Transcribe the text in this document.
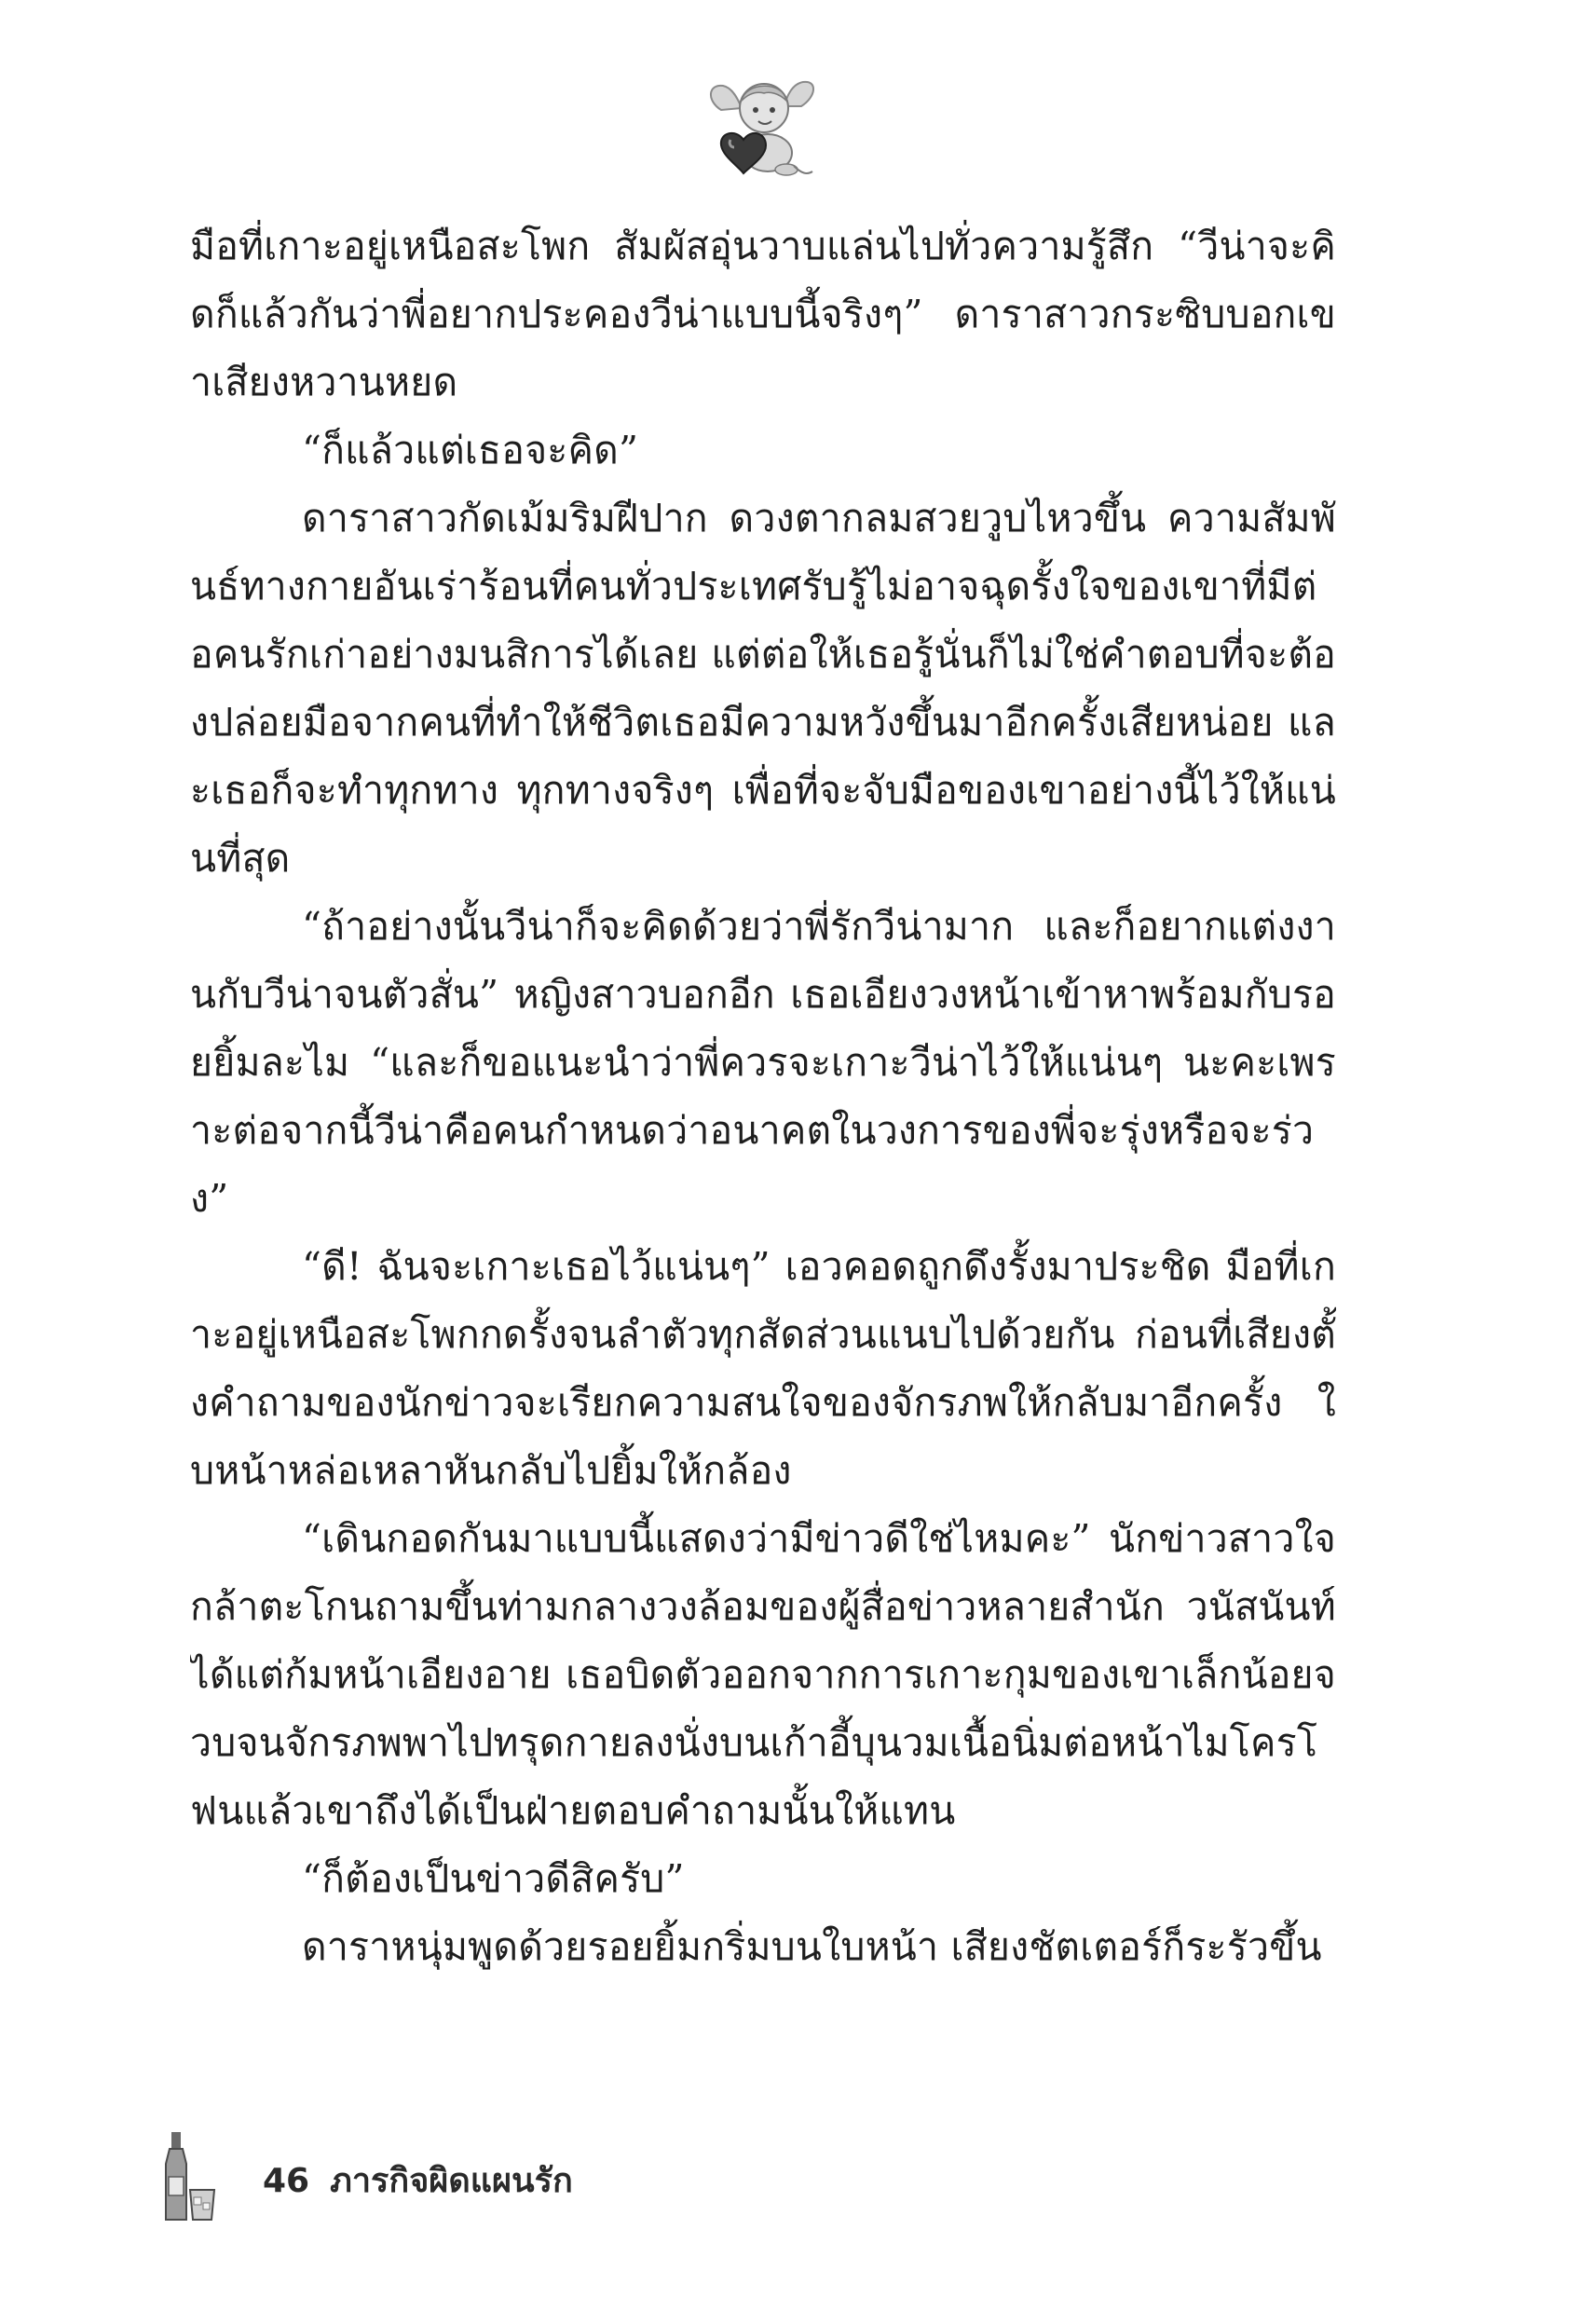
มือที่เกาะอยู่เหนือสะโพก สัมผัสอุ่นวาบแล่นไปทั่วความรู้สึก “วีน่าจะคิดก็แล้วกันว่าพี่อยากประคองวีน่าแบบนี้จริงๆ” ดาราสาวกระซิบบอกเขาเสียงหวานหยด

“ก็แล้วแต่เธอจะคิด”

ดาราสาวกัดเม้มริมฝีปาก ดวงตากลมสวยวูบไหวขึ้น ความสัมพันธ์ทางกายอันเร่าร้อนที่คนทั่วประเทศรับรู้ไม่อาจฉุดรั้งใจของเขาที่มีต่อคนรักเก่าอย่างมนสิการได้เลย แต่ต่อให้เธอรู้นั่นก็ไม่ใช่คำตอบที่จะต้องปล่อยมือจากคนที่ทำให้ชีวิตเธอมีความหวังขึ้นมาอีกครั้งเสียหน่อย และเธอก็จะทำทุกทาง ทุกทางจริงๆ เพื่อที่จะจับมือของเขาอย่างนี้ไว้ให้แน่นที่สุด

“ถ้าอย่างนั้นวีน่าก็จะคิดด้วยว่าพี่รักวีน่ามาก และก็อยากแต่งงานกับวีน่าจนตัวสั่น” หญิงสาวบอกอีก เธอเอียงวงหน้าเข้าหาพร้อมกับรอยยิ้มละไม “และก็ขอแนะนำว่าพี่ควรจะเกาะวีน่าไว้ให้แน่นๆ นะคะเพราะต่อจากนี้วีน่าคือคนกำหนดว่าอนาคตในวงการของพี่จะรุ่งหรือจะร่วง”

“ดี! ฉันจะเกาะเธอไว้แน่นๆ” เอวคอดถูกดึงรั้งมาประชิด มือที่เกาะอยู่เหนือสะโพกกดรั้งจนลำตัวทุกสัดส่วนแนบไปด้วยกัน ก่อนที่เสียงตั้งคำถามของนักข่าวจะเรียกความสนใจของจักรภพให้กลับมาอีกครั้ง ใบหน้าหล่อเหลาหันกลับไปยิ้มให้กล้อง

“เดินกอดกันมาแบบนี้แสดงว่ามีข่าวดีใช่ไหมคะ” นักข่าวสาวใจกล้าตะโกนถามขึ้นท่ามกลางวงล้อมของผู้สื่อข่าวหลายสำนัก วนัสนันท์ได้แต่ก้มหน้าเอียงอาย เธอบิดตัวออกจากการเกาะกุมของเขาเล็กน้อยจวบจนจักรภพพาไปทรุดกายลงนั่งบนเก้าอี้บุนวมเนื้อนิ่มต่อหน้าไมโครโฟนแล้วเขาถึงได้เป็นฝ่ายตอบคำถามนั้นให้แทน

“ก็ต้องเป็นข่าวดีสิครับ”

ดาราหนุ่มพูดด้วยรอยยิ้มกริ่มบนใบหน้า เสียงชัตเตอร์ก็ระรัวขึ้น

46 ภารกิจผิดแผนรัก
